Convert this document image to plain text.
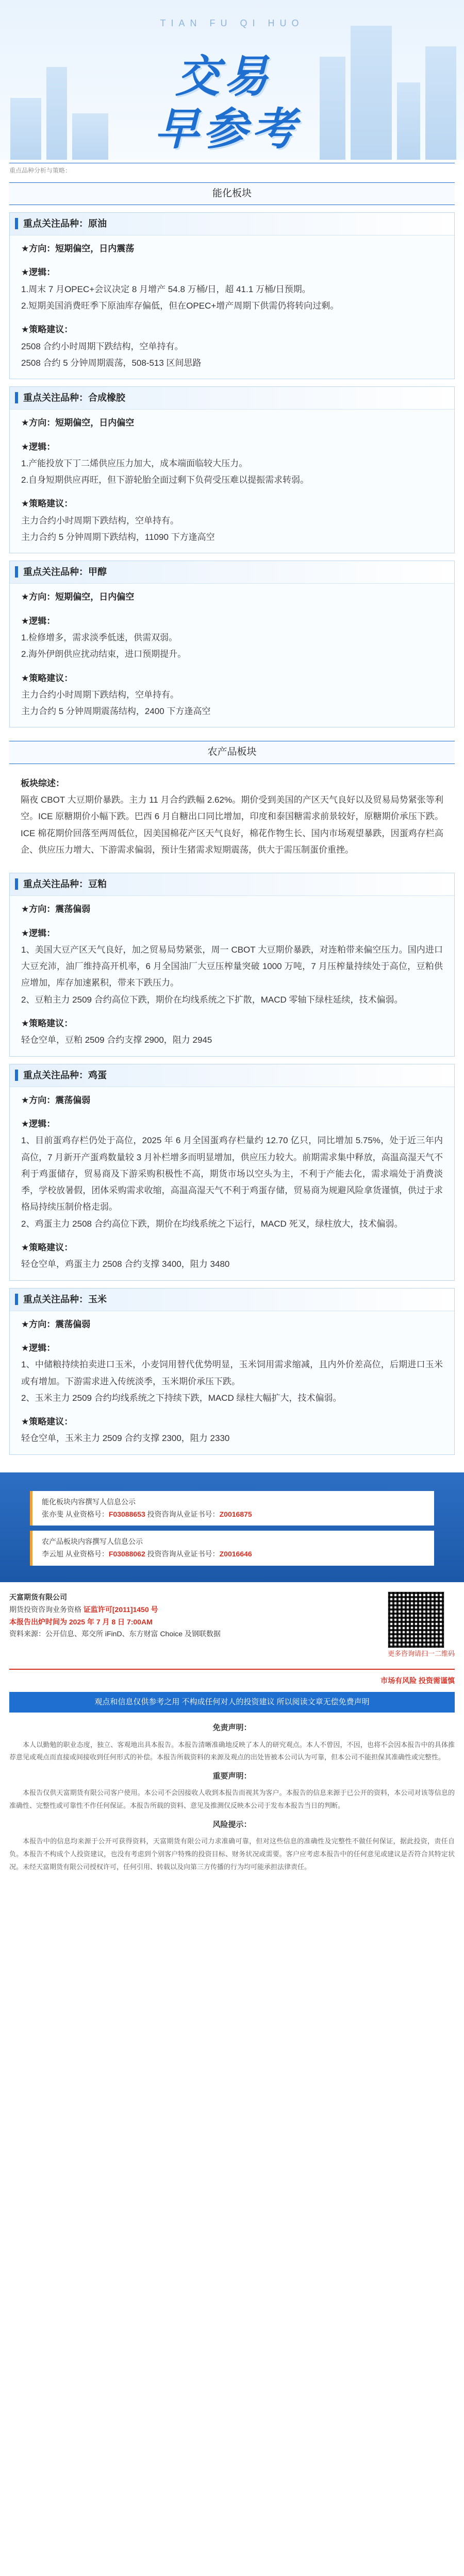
TIAN FU QI HUO
交易
早参考
重点品种分析与策略：
能化板块
重点关注品种：原油
★方向：短期偏空，日内震荡
★逻辑：
1.周末 7 月OPEC+会议决定 8 月增产 54.8 万桶/日，超 41.1 万桶/日预期。
2.短期美国消费旺季下原油库存偏低，但在OPEC+增产周期下供需仍将转向过剩。
★策略建议：
2508 合约小时周期下跌结构，空单持有。
2508 合约 5 分钟周期震荡，508-513 区间思路
重点关注品种：合成橡胶
★方向：短期偏空，日内偏空
★逻辑：
1.产能投放下丁二烯供应压力加大，成本端面临较大压力。
2.自身短期供应再旺，但下游轮胎全面过剩下负荷受压难以提振需求转弱。
★策略建议：
主力合约小时周期下跌结构，空单持有。
主力合约 5 分钟周期下跌结构，11090 下方逢高空
重点关注品种：甲醇
★方向：短期偏空，日内偏空
★逻辑：
1.检修增多，需求淡季低迷，供需双弱。
2.海外伊朗供应扰动结束，进口预期提升。
★策略建议：
主力合约小时周期下跌结构，空单持有。
主力合约 5 分钟周期震荡结构，2400 下方逢高空
农产品板块
板块综述：
隔夜 CBOT 大豆期价暴跌。主力 11 月合约跌幅 2.62%。期价受到美国的产区天气良好以及贸易局势紧张等利空。ICE 原糖期价小幅下跌。巴西 6 月自糖出口同比增加，印度和泰国糖需求前景较好，原糖期价承压下跌。ICE 棉花期价回落至两周低位，因美国棉花产区天气良好，棉花作物生长、国内市场观望暴跌，因蛋鸡存栏高企、供应压力增大、下游需求偏弱，预计生猪需求短期震荡，供大于需压制蛋价重挫。
重点关注品种：豆粕
★方向：震荡偏弱
★逻辑：
1、美国大豆产区天气良好，加之贸易局势紧张，周一 CBOT 大豆期价暴跌，对连粕带来偏空压力。国内进口大豆充沛，油厂维持高开机率，6 月全国油厂大豆压榨量突破 1000 万吨，7 月压榨量持续处于高位，豆粕供应增加，库存加速累积，带来下跌压力。
2、豆粕主力 2509 合约高位下跌，期价在均线系统之下扩散，MACD 零轴下绿柱延续，技术偏弱。
★策略建议：
轻仓空单，豆粕 2509 合约支撑 2900，阻力 2945
重点关注品种：鸡蛋
★方向：震荡偏弱
★逻辑：
1、目前蛋鸡存栏仍处于高位，2025 年 6 月全国蛋鸡存栏量约 12.70 亿只，同比增加 5.75%，处于近三年内高位，7 月新开产蛋鸡数量较 3 月补栏增多而明显增加，供应压力较大。前期需求集中释放，高温高湿天气不利于鸡蛋储存，贸易商及下游采购积极性不高，期货市场以空头为主，不利于产能去化，需求端处于消费淡季，学校放暑假，团体采购需求收缩，高温高湿天气不利于鸡蛋存储，贸易商为规避风险拿货谨慎，供过于求格局持续压制价格走弱。
2、鸡蛋主力 2508 合约高位下跌，期价在均线系统之下运行，MACD 死叉，绿柱放大，技术偏弱。
★策略建议：
轻仓空单，鸡蛋主力 2508 合约支撑 3400，阻力 3480
重点关注品种：玉米
★方向：震荡偏弱
★逻辑：
1、中储粮持续拍卖进口玉米，小麦饲用替代优势明显，玉米饲用需求缩减，且内外价差高位，后期进口玉米或有增加。下游需求进入传统淡季，玉米期价承压下跌。
2、玉米主力 2509 合约均线系统之下持续下跌，MACD 绿柱大幅扩大，技术偏弱。
★策略建议：
轻仓空单，玉米主力 2509 合约支撑 2300，阻力 2330
能化板块内容撰写人信息公示
张亦斐 从业资格号：F03088653 投资咨询从业证书号：Z0016875
农产品板块内容撰写人信息公示
李云旭 从业资格号：F03088062 投资咨询从业证书号：Z0016646
天富期货有限公司
期货投资咨询业务资格 证监许可[2011]1450 号
本报告出炉时间为 2025 年 7 月 8 日 7:00AM
资料来源：公开信息、郑交所 iFinD、东方财富 Choice 及钢联数据
更多咨询请扫一二维码
市场有风险 投资需谨慎
观点和信息仅供参考之用 不构成任何对人的投资建议 所以阅读文章无偿免费声明
免责声明：

本人以勤勉的职业态度，独立、客观地出具本报告。本报告清晰准确地反映了本人的研究观点。本人不曾因，不因，也将不会因本报告中的具体推荐意见或观点而直接或间接收到任何形式的补偿。本报告所载资料的来源及观点的出处皆被本公司认为可靠，但本公司不能担保其准确性或完整性。

重要声明：

本报告仅供天富期货有限公司客户使用。本公司不会因接收人收到本报告而视其为客户。本报告的信息来源于已公开的资料，本公司对该等信息的准确性、完整性或可靠性不作任何保证。本报告所载的资料、意见及推测仅反映本公司于发布本报告当日的判断。

风险提示：

本报告中的信息均来源于公开可获得资料，天富期货有限公司力求准确可靠，但对这些信息的准确性及完整性不做任何保证，据此投资，责任自负。本报告不构成个人投资建议，也没有考虑到个别客户特殊的投资目标、财务状况或需要。客户应考虑本报告中的任何意见或建议是否符合其特定状况。未经天富期货有限公司授权许可，任何引用、转载以及向第三方传播的行为均可能承担法律责任。
